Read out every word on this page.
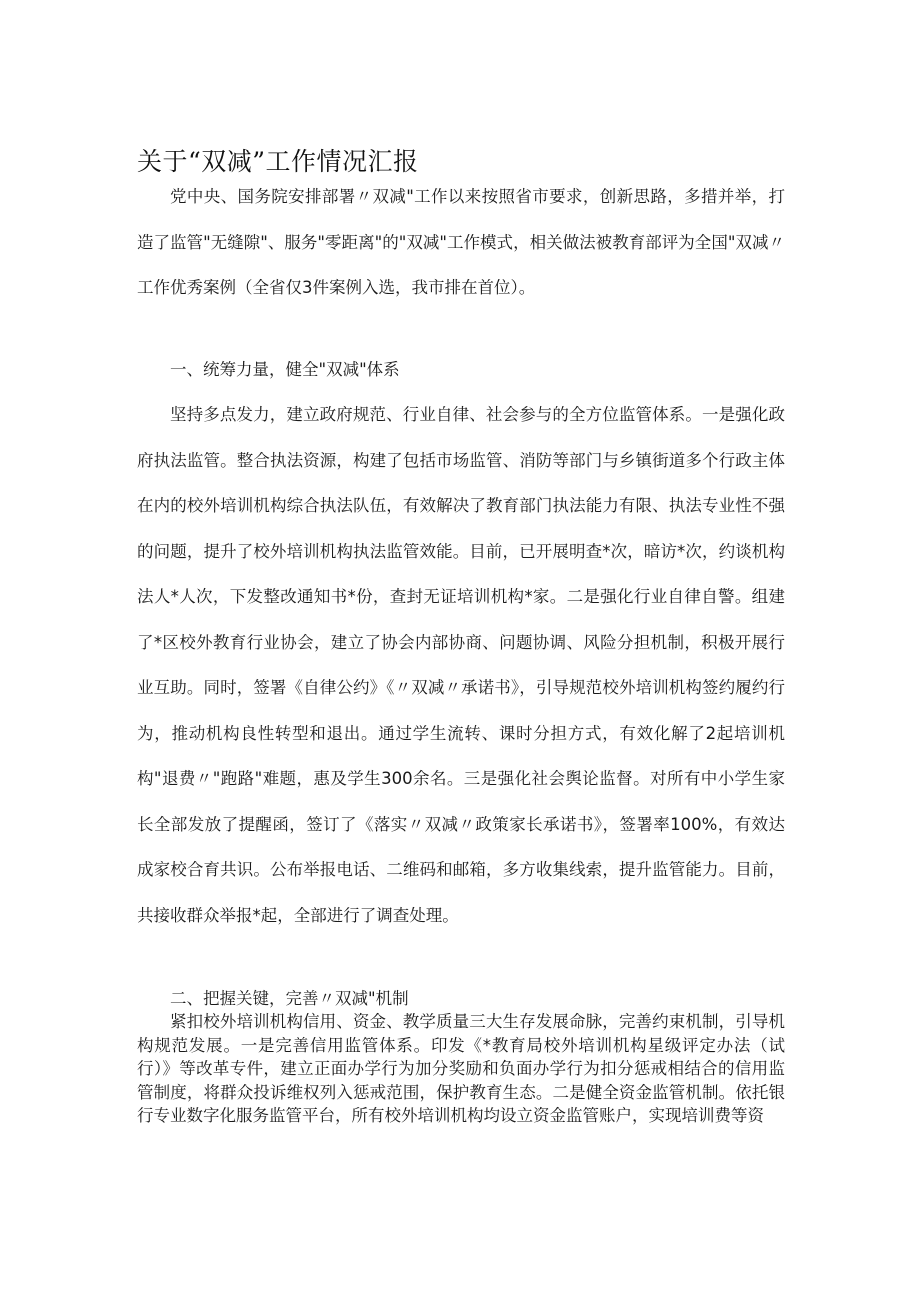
关于“双减”工作情况汇报

党中央、国务院安排部署〃双减"工作以来按照省市要求，创新思路，多措并举，打造了监管"无缝隙"、服务"零距离"的"双减"工作模式，相关做法被教育部评为全国"双减〃工作优秀案例（全省仅3件案例入选，我市排在首位）。

一、统筹力量，健全"双减"体系

坚持多点发力，建立政府规范、行业自律、社会参与的全方位监管体系。一是强化政府执法监管。整合执法资源，构建了包括市场监管、消防等部门与乡镇街道多个行政主体在内的校外培训机构综合执法队伍，有效解决了教育部门执法能力有限、执法专业性不强的问题，提升了校外培训机构执法监管效能。目前，已开展明查*次，暗访*次，约谈机构法人*人次，下发整改通知书*份，查封无证培训机构*家。二是强化行业自律自警。组建了*区校外教育行业协会，建立了协会内部协商、问题协调、风险分担机制，积极开展行业互助。同时，签署《自律公约》《〃双减〃承诺书》，引导规范校外培训机构签约履约行为，推动机构良性转型和退出。通过学生流转、课时分担方式，有效化解了2起培训机构"退费〃"跑路"难题，惠及学生300余名。三是强化社会舆论监督。对所有中小学生家长全部发放了提醒函，签订了《落实〃双减〃政策家长承诺书》，签署率100%，有效达成家校合育共识。公布举报电话、二维码和邮箱，多方收集线索，提升监管能力。目前，共接收群众举报*起，全部进行了调查处理。

二、把握关键，完善〃双减"机制

紧扣校外培训机构信用、资金、教学质量三大生存发展命脉，完善约束机制，引导机构规范发展。一是完善信用监管体系。印发《*教育局校外培训机构星级评定办法（试行）》等改革专件，建立正面办学行为加分奖励和负面办学行为扣分惩戒相结合的信用监管制度，将群众投诉维权列入惩戒范围，保护教育生态。二是健全资金监管机制。依托银行专业数字化服务监管平台，所有校外培训机构均设立资金监管账户，实现培训费等资
